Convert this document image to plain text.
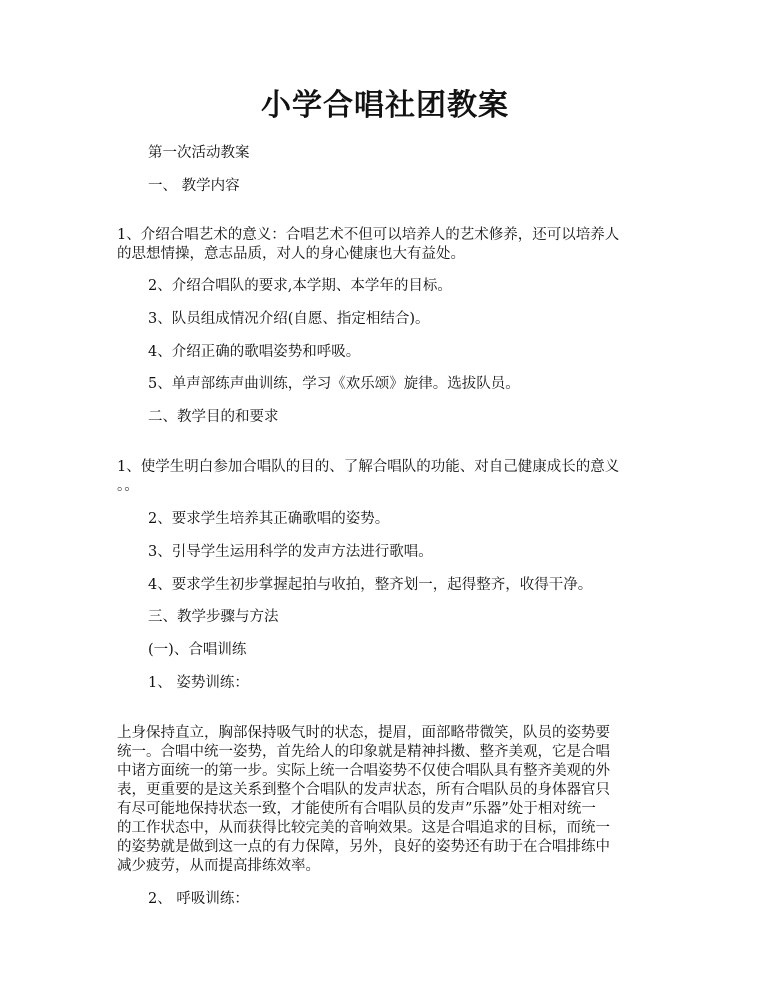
小学合唱社团教案
第一次活动教案
一、 教学内容
1、介绍合唱艺术的意义：合唱艺术不但可以培养人的艺术修养，还可以培养人
的思想情操，意志品质，对人的身心健康也大有益处。
2、介绍合唱队的要求,本学期、本学年的目标。
3、队员组成情况介绍(自愿、指定相结合)。
4、介绍正确的歌唱姿势和呼吸。
5、单声部练声曲训练，学习《欢乐颂》旋律。选拔队员。
二、教学目的和要求
1、使学生明白参加合唱队的目的、了解合唱队的功能、对自己健康成长的意义
。。
2、要求学生培养其正确歌唱的姿势。
3、引导学生运用科学的发声方法进行歌唱。
4、要求学生初步掌握起拍与收拍，整齐划一，起得整齐，收得干净。
三、教学步骤与方法
(一)、合唱训练
1、 姿势训练：
上身保持直立，胸部保持吸气时的状态，提眉，面部略带微笑，队员的姿势要
统一。合唱中统一姿势，首先给人的印象就是精神抖擞、整齐美观，它是合唱
中诸方面统一的第一步。实际上统一合唱姿势不仅使合唱队具有整齐美观的外
表，更重要的是这关系到整个合唱队的发声状态，所有合唱队员的身体器官只
有尽可能地保持状态一致，才能使所有合唱队员的发声”乐器”处于相对统一
的工作状态中，从而获得比较完美的音响效果。这是合唱追求的目标，而统一
的姿势就是做到这一点的有力保障，另外，良好的姿势还有助于在合唱排练中
减少疲劳，从而提高排练效率。
2、 呼吸训练：
